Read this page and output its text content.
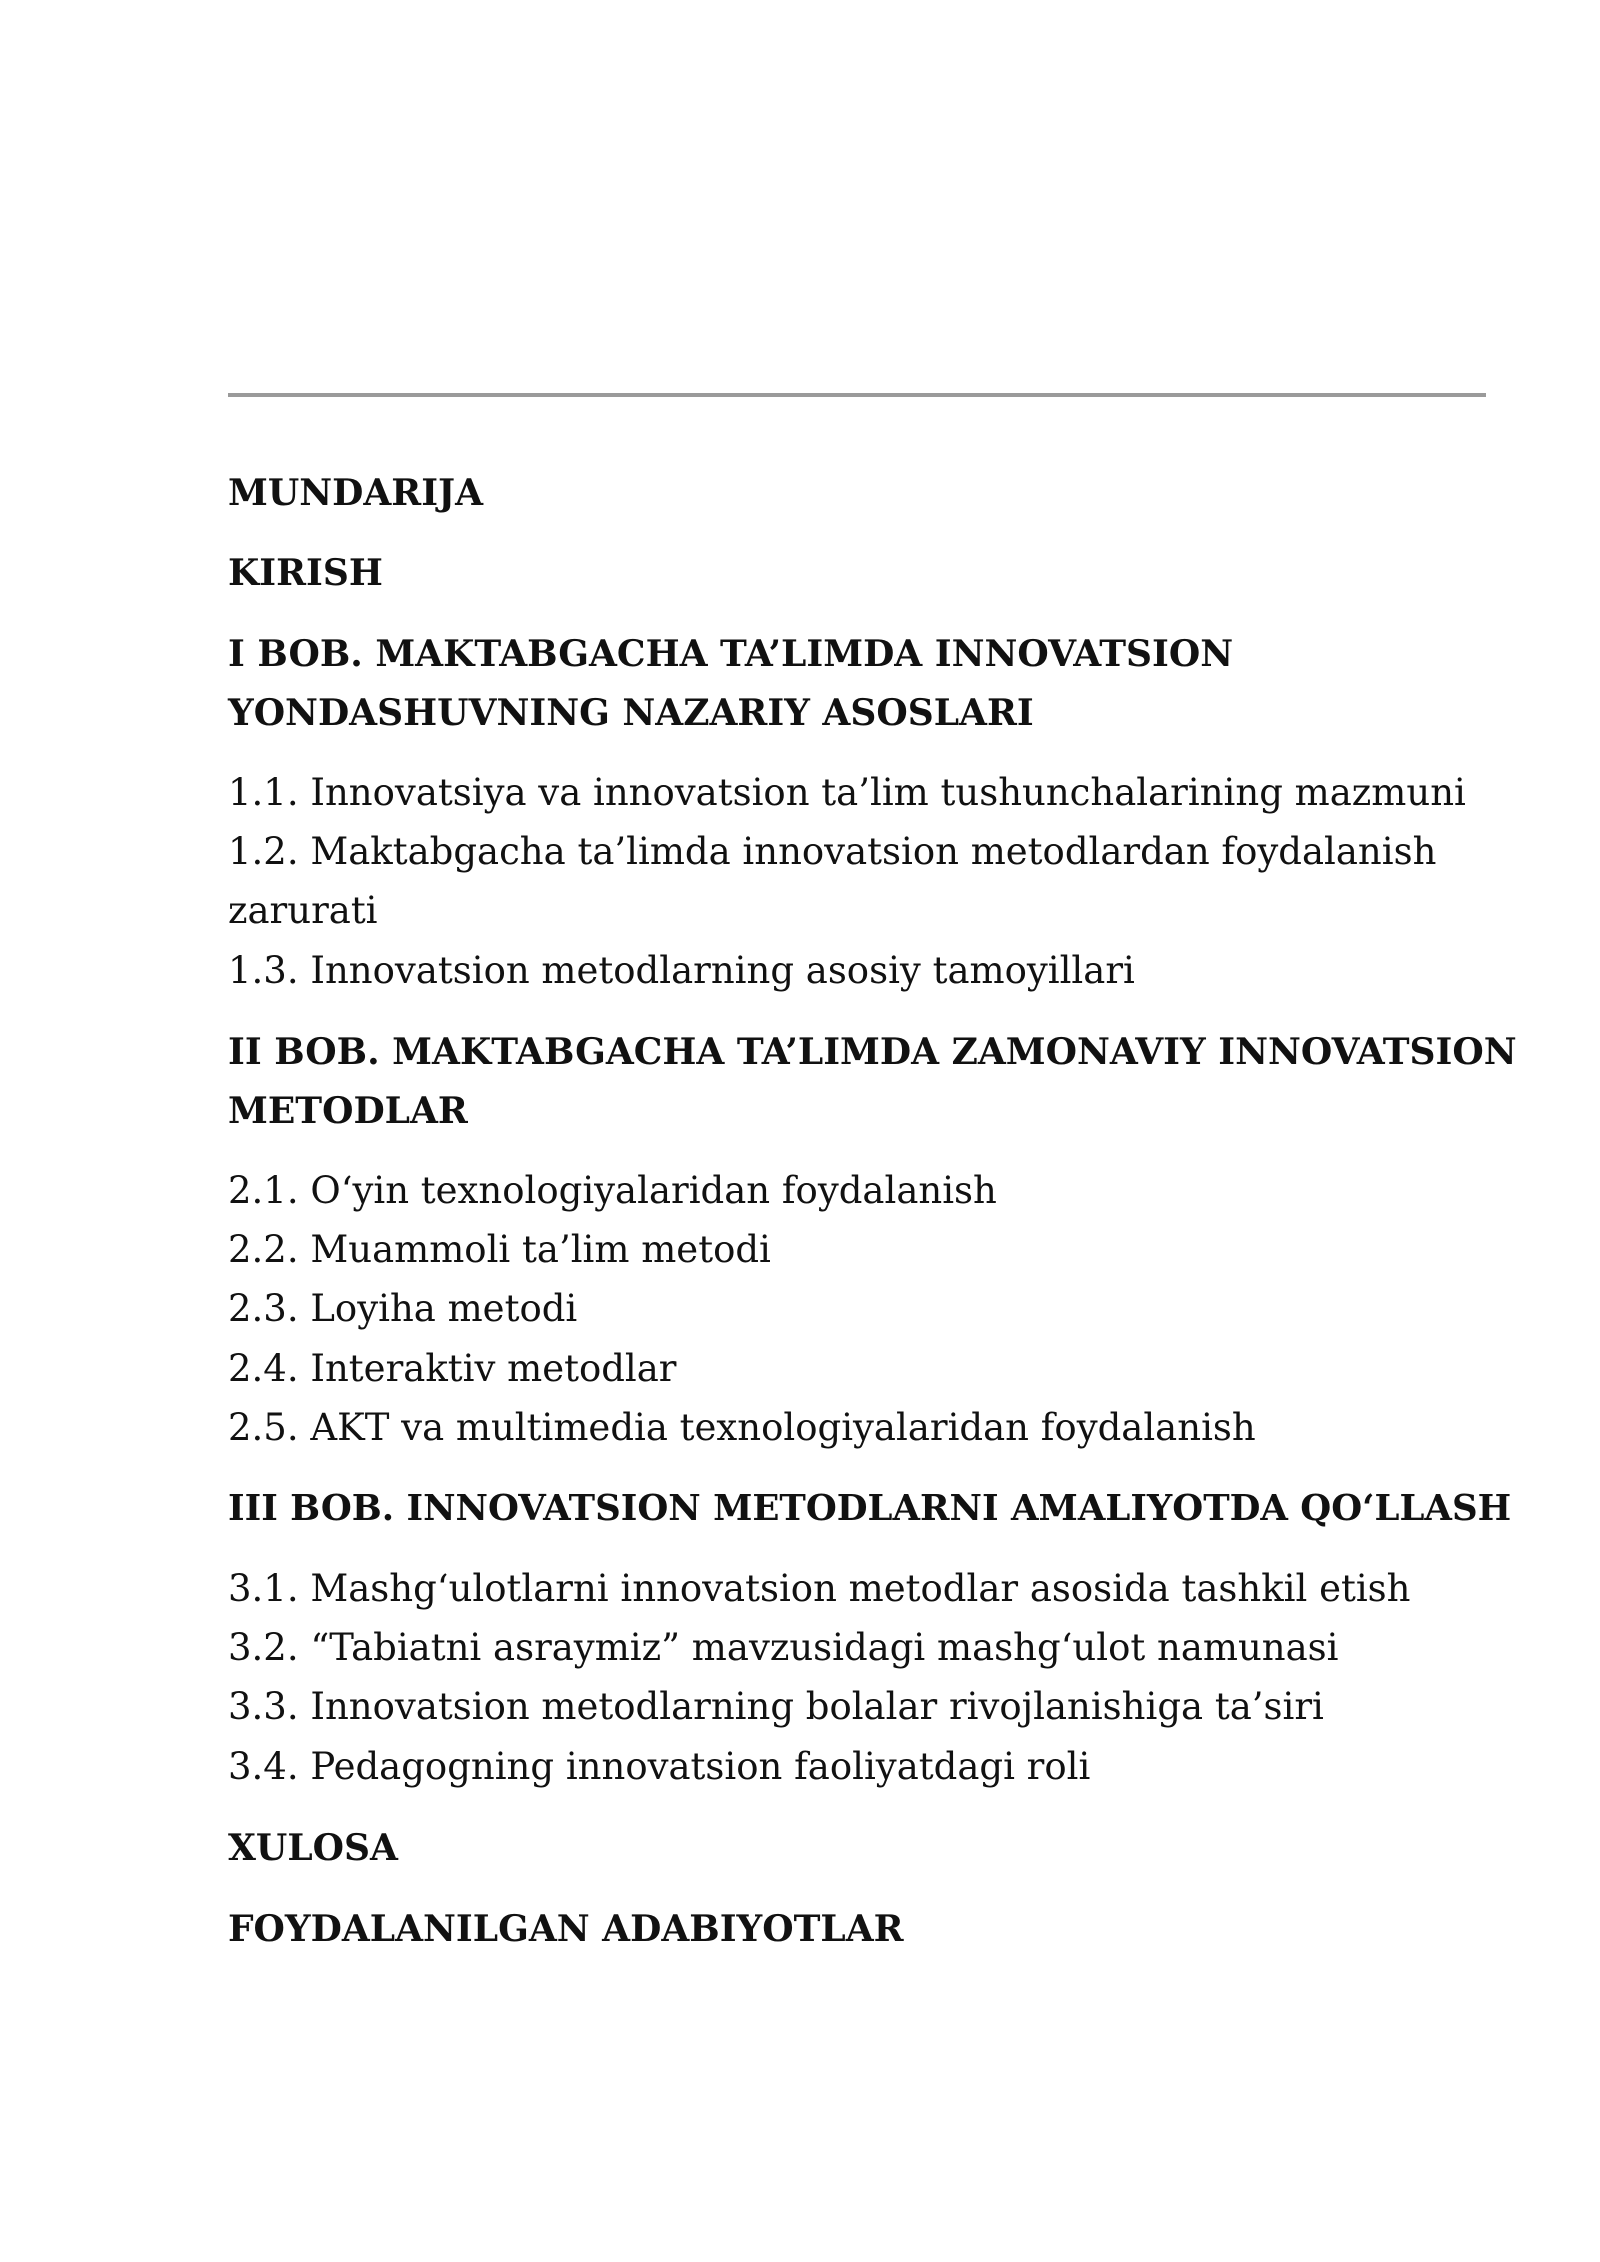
MUNDARIJA
KIRISH
I BOB. MAKTABGACHA TA’LIMDA INNOVATSION
YONDASHUVNING NAZARIY ASOSLARI
1.1. Innovatsiya va innovatsion ta’lim tushunchalarining mazmuni
1.2. Maktabgacha ta’limda innovatsion metodlardan foydalanish
zarurati
1.3. Innovatsion metodlarning asosiy tamoyillari
II BOB. MAKTABGACHA TA’LIMDA ZAMONAVIY INNOVATSION
METODLAR
2.1. O‘yin texnologiyalaridan foydalanish
2.2. Muammoli ta’lim metodi
2.3. Loyiha metodi
2.4. Interaktiv metodlar
2.5. AKT va multimedia texnologiyalaridan foydalanish
III BOB. INNOVATSION METODLARNI AMALIYOTDA QO‘LLASH
3.1. Mashg‘ulotlarni innovatsion metodlar asosida tashkil etish
3.2. “Tabiatni asraymiz” mavzusidagi mashg‘ulot namunasi
3.3. Innovatsion metodlarning bolalar rivojlanishiga ta’siri
3.4. Pedagogning innovatsion faoliyatdagi roli
XULOSA
FOYDALANILGAN ADABIYOTLAR
